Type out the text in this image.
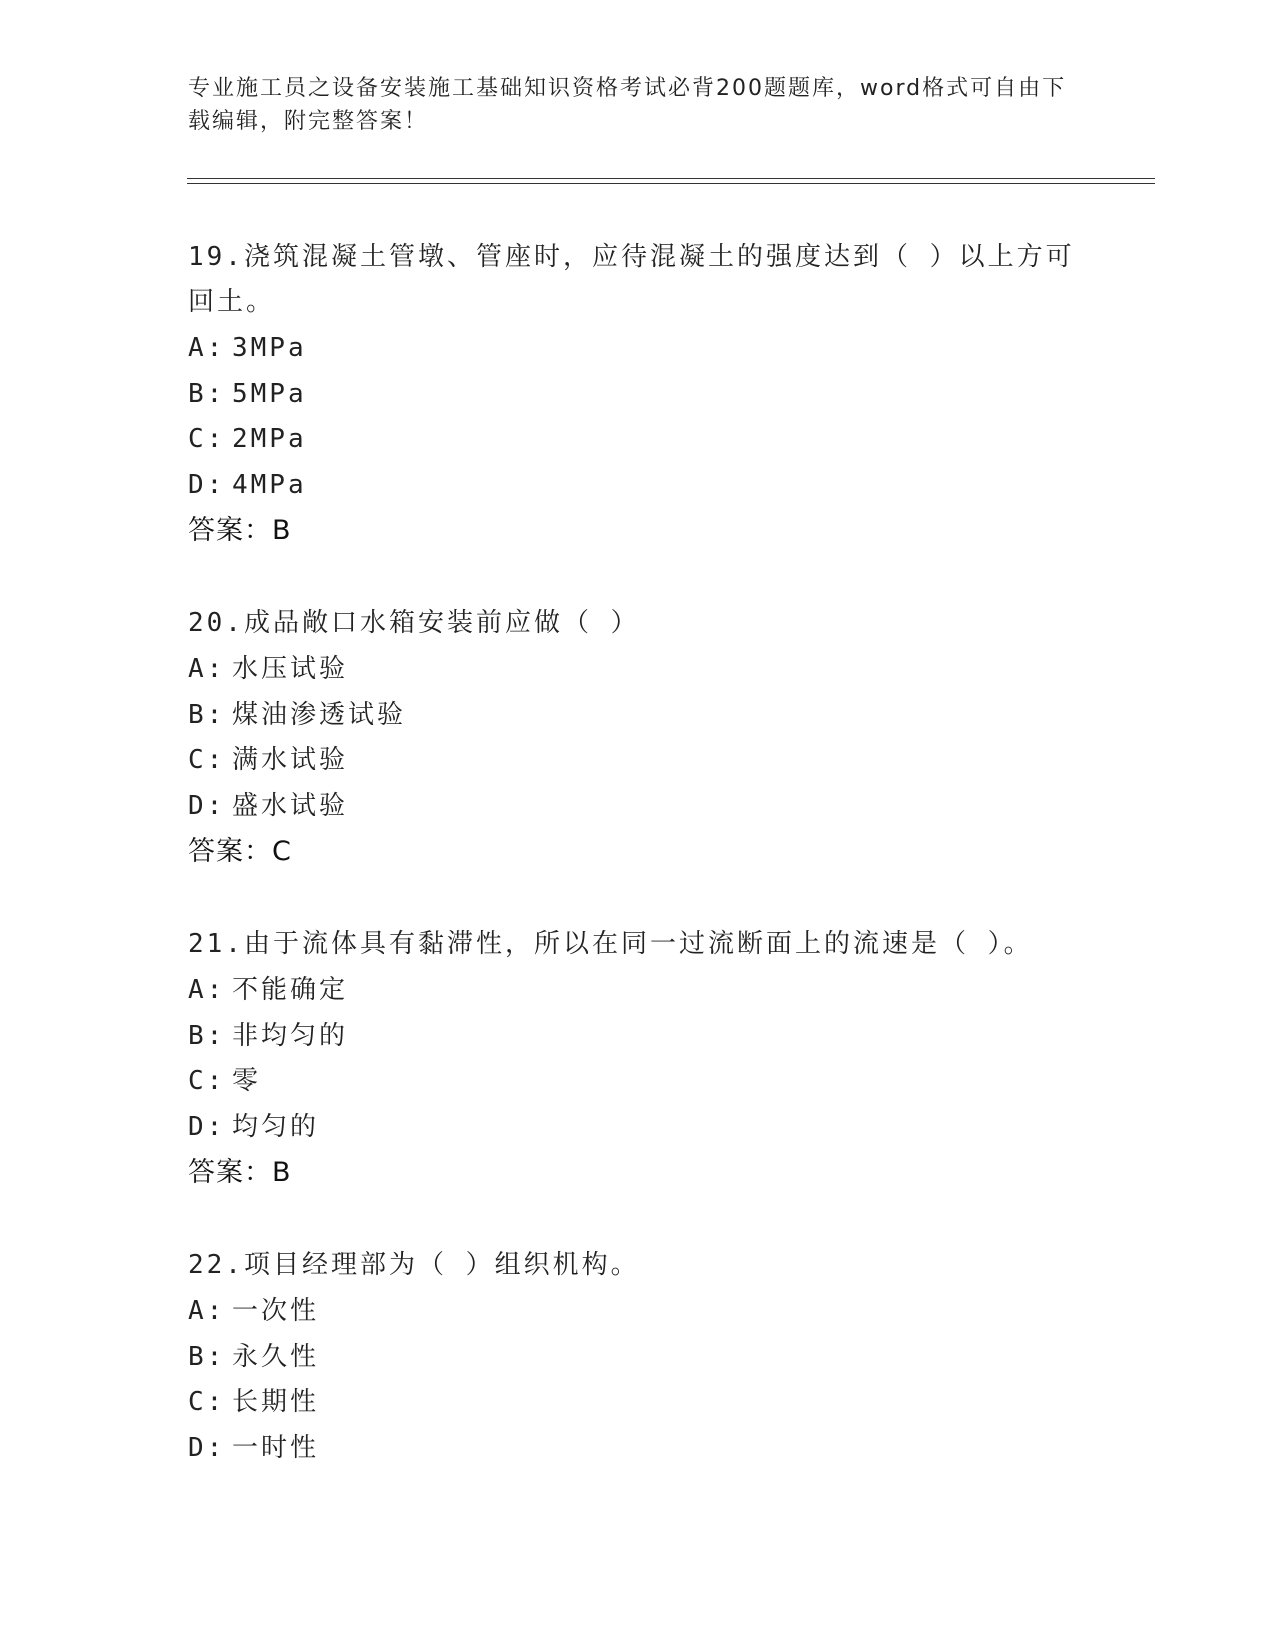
专业施工员之设备安装施工基础知识资格考试必背200题题库，word格式可自由下载编辑，附完整答案！

19.浇筑混凝土管墩、管座时，应待混凝土的强度达到（ ）以上方可回土。

A: 3MPa

B: 5MPa

C: 2MPa

D: 4MPa

答案：B

20.成品敞口水箱安装前应做（ ）

A: 水压试验

B: 煤油渗透试验

C: 满水试验

D: 盛水试验

答案：C

21.由于流体具有黏滞性，所以在同一过流断面上的流速是（ ）。

A: 不能确定

B: 非均匀的

C: 零

D: 均匀的

答案：B

22.项目经理部为（ ）组织机构。

A: 一次性

B: 永久性

C: 长期性

D: 一时性
